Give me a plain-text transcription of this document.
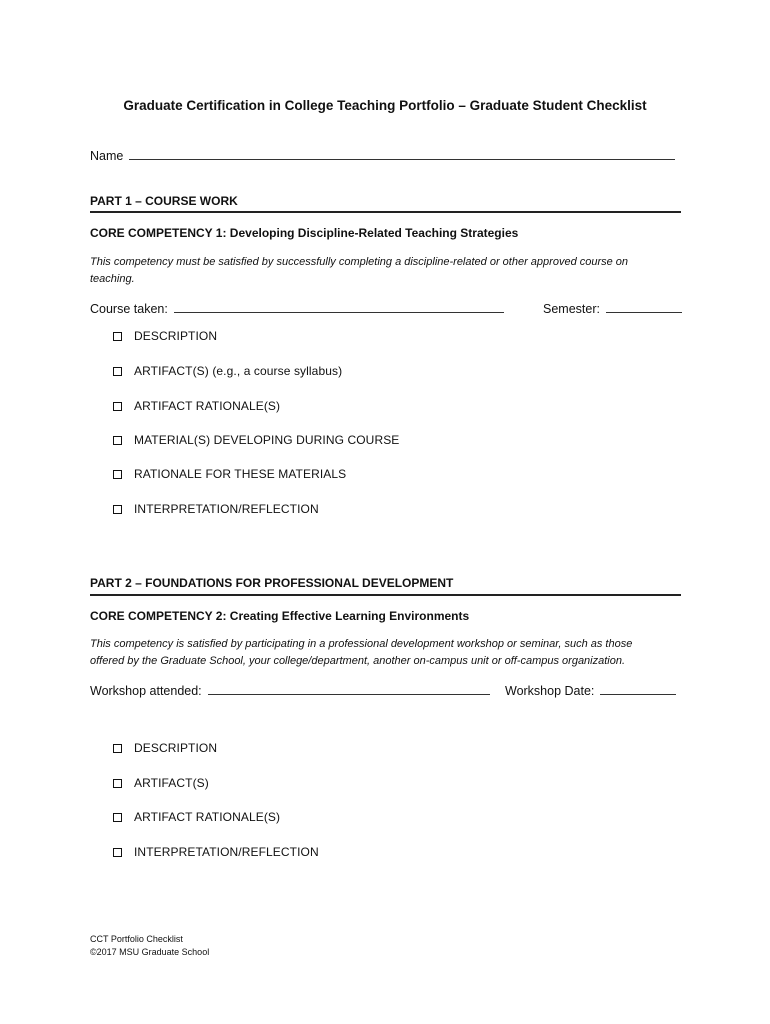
Graduate Certification in College Teaching Portfolio – Graduate Student Checklist
Name
PART 1 – COURSE WORK
CORE COMPETENCY 1: Developing Discipline-Related Teaching Strategies
This competency must be satisfied by successfully completing a discipline-related or other approved course on teaching.
Course taken:	Semester:
DESCRIPTION
ARTIFACT(S) (e.g., a course syllabus)
ARTIFACT RATIONALE(S)
MATERIAL(S) DEVELOPING DURING COURSE
RATIONALE FOR THESE MATERIALS
INTERPRETATION/REFLECTION
PART 2 – FOUNDATIONS FOR PROFESSIONAL DEVELOPMENT
CORE COMPETENCY 2: Creating Effective Learning Environments
This competency is satisfied by participating in a professional development workshop or seminar, such as those offered by the Graduate School, your college/department, another on-campus unit or off-campus organization.
Workshop attended:	Workshop Date:
DESCRIPTION
ARTIFACT(S)
ARTIFACT RATIONALE(S)
INTERPRETATION/REFLECTION
CCT Portfolio Checklist
©2017 MSU Graduate School
